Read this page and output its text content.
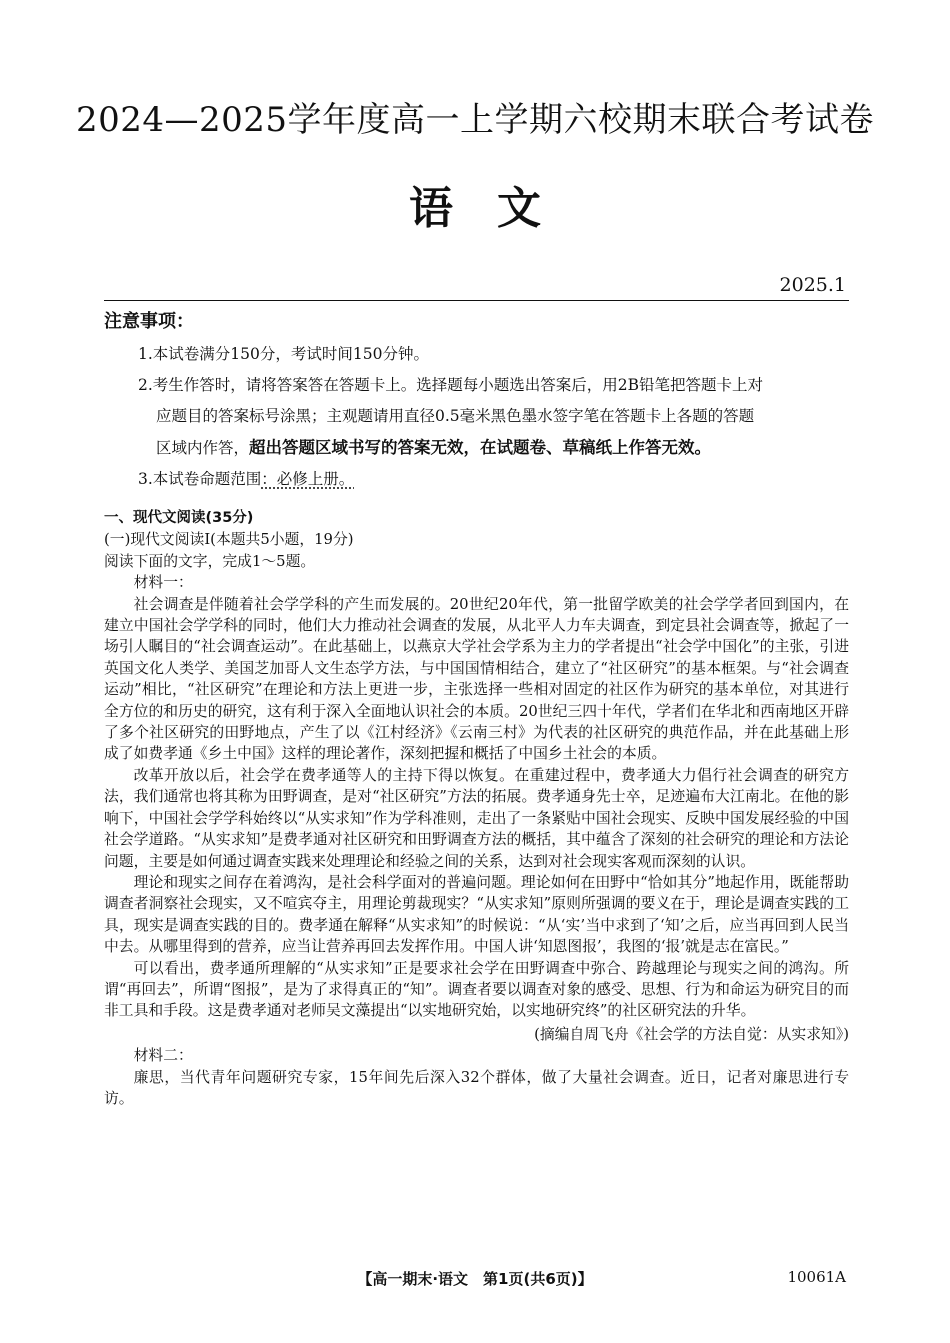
2024—2025学年度高一上学期六校期末联合考试卷
语文
2025.1
注意事项：
1.本试卷满分150分，考试时间150分钟。
2.考生作答时，请将答案答在答题卡上。选择题每小题选出答案后，用2B铅笔把答题卡上对
应题目的答案标号涂黑；主观题请用直径0.5毫米黑色墨水签字笔在答题卡上各题的答题
区域内作答，超出答题区域书写的答案无效，在试题卷、草稿纸上作答无效。
3.本试卷命题范围：必修上册。
一、现代文阅读(35分)
(一)现代文阅读Ⅰ(本题共5小题，19分)
阅读下面的文字，完成1～5题。
材料一：

社会调查是伴随着社会学学科的产生而发展的。20世纪20年代，第一批留学欧美的社会学学者回到国内，在建立中国社会学学科的同时，他们大力推动社会调查的发展，从北平人力车夫调查，到定县社会调查等，掀起了一场引人瞩目的“社会调查运动”。在此基础上，以燕京大学社会学系为主力的学者提出“社会学中国化”的主张，引进英国文化人类学、美国芝加哥人文生态学方法，与中国国情相结合，建立了“社区研究”的基本框架。与“社会调查运动”相比，“社区研究”在理论和方法上更进一步，主张选择一些相对固定的社区作为研究的基本单位，对其进行全方位的和历史的研究，这有利于深入全面地认识社会的本质。20世纪三四十年代，学者们在华北和西南地区开辟了多个社区研究的田野地点，产生了以《江村经济》《云南三村》为代表的社区研究的典范作品，并在此基础上形成了如费孝通《乡土中国》这样的理论著作，深刻把握和概括了中国乡土社会的本质。

改革开放以后，社会学在费孝通等人的主持下得以恢复。在重建过程中，费孝通大力倡行社会调查的研究方法，我们通常也将其称为田野调查，是对“社区研究”方法的拓展。费孝通身先士卒，足迹遍布大江南北。在他的影响下，中国社会学学科始终以“从实求知”作为学科准则，走出了一条紧贴中国社会现实、反映中国发展经验的中国社会学道路。“从实求知”是费孝通对社区研究和田野调查方法的概括，其中蕴含了深刻的社会研究的理论和方法论问题，主要是如何通过调查实践来处理理论和经验之间的关系，达到对社会现实客观而深刻的认识。

理论和现实之间存在着鸿沟，是社会科学面对的普遍问题。理论如何在田野中“恰如其分”地起作用，既能帮助调查者洞察社会现实，又不喧宾夺主，用理论剪裁现实？“从实求知”原则所强调的要义在于，理论是调查实践的工具，现实是调查实践的目的。费孝通在解释“从实求知”的时候说：“从‘实’当中求到了‘知’之后，应当再回到人民当中去。从哪里得到的营养，应当让营养再回去发挥作用。中国人讲‘知恩图报’，我图的‘报’就是志在富民。”

可以看出，费孝通所理解的“从实求知”正是要求社会学在田野调查中弥合、跨越理论与现实之间的鸿沟。所谓“再回去”，所谓“图报”，是为了求得真正的“知”。调查者要以调查对象的感受、思想、行为和命运为研究目的而非工具和手段。这是费孝通对老师吴文藻提出“以实地研究始，以实地研究终”的社区研究法的升华。

(摘编自周飞舟《社会学的方法自觉：从实求知》)

材料二：

廉思，当代青年问题研究专家，15年间先后深入32个群体，做了大量社会调查。近日，记者对廉思进行专访。

【高一期末·语文　第1页(共6页)】	10061A
